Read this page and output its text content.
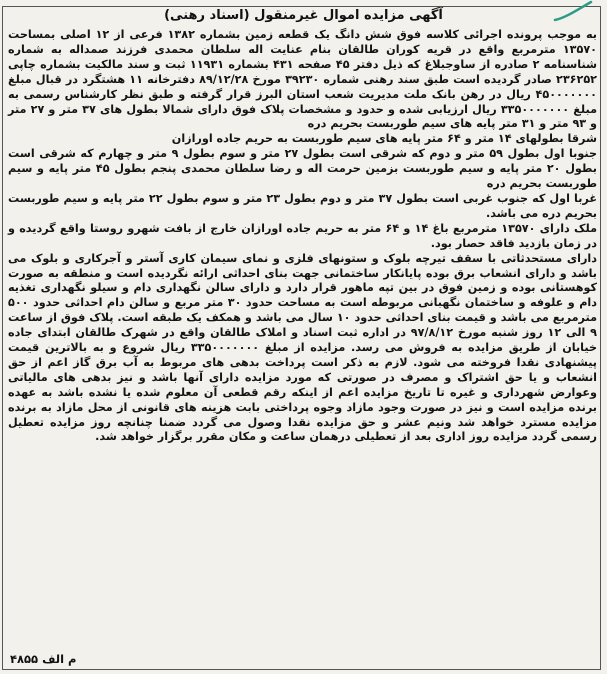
آگهی مزایده اموال غیرمنقول (اسناد رهنی)

به موجب پرونده اجرائی کلاسه فوق شش دانگ یک قطعه زمین بشماره ۱۳۸۲ فرعی از ۱۲ اصلی بمساحت ۱۳۵۷۰ مترمربع واقع در قریه کوران طالقان بنام عنایت اله سلطان محمدی فرزند صمداله به شماره شناسنامه ۲ صادره از ساوجبلاغ که ذیل دفتر ۴۵ صفحه ۴۳۱ بشماره ۱۱۹۳۱ ثبت و سند مالکیت بشماره چاپی ۲۳۶۲۵۲ صادر گردیده است طبق سند رهنی شماره ۳۹۲۳۰ مورخ ۸۹/۱۲/۲۸ دفترخانه ۱۱ هشتگرد در قبال مبلغ ۴۵۰۰۰۰۰۰۰ ریال در رهن بانک ملت مدیریت شعب استان البرز قرار گرفته و طبق نظر کارشناس رسمی به مبلغ ۳۳۵۰۰۰۰۰۰۰ ریال ارزیابی شده و حدود و مشخصات پلاک فوق دارای شمالا بطول های ۳۷ متر و ۲۷ متر و ۹۳ متر و ۳۱ متر پایه های سیم طوربست بحریم دره

شرقا بطولهای ۱۴ متر و ۶۴ متر پایه های سیم طوربست به حریم جاده اورازان

جنوبا اول بطول ۵۹ متر و دوم که شرقی است بطول ۲۷ متر و سوم بطول ۹ متر و چهارم که شرقی است بطول ۲۰ متر پایه و سیم طوربست بزمین حرمت اله و رضا سلطان محمدی پنجم بطول ۴۵ متر پایه و سیم طوربست بحریم دره

غربا اول که جنوب غربی است بطول ۳۷ متر و دوم بطول ۲۳ متر و سوم بطول ۲۲ متر پایه و سیم طوربست بحریم دره می باشد.

ملک دارای ۱۳۵۷۰ مترمربع باغ ۱۴ و ۶۴ متر به حریم جاده اورازان خارج از بافت شهرو روستا واقع گردیده و در زمان بازدید فاقد حصار بود.

دارای مستحدثاتی با سقف تیرچه بلوک و ستونهای فلزی و نمای سیمان کاری آستر و آجرکاری و بلوک می باشد و دارای انشعاب برق بوده پایانکار ساختمانی جهت بنای احداثی ارائه نگردیده است و منطقه به صورت کوهستانی بوده و زمین فوق در بین تپه ماهور قرار دارد و دارای سالن نگهداری دام و سیلو نگهداری تغذیه دام و علوفه و ساختمان نگهبانی مربوطه است به مساحت حدود ۳۰ متر مربع و سالن دام احداثی حدود ۵۰۰ مترمربع می باشد و قیمت بنای احداثی حدود ۱۰ سال می باشد و همکف یک طبقه است. پلاک فوق از ساعت ۹ الی ۱۲ روز شنبه مورخ ۹۷/۸/۱۲ در اداره ثبت اسناد و املاک طالقان واقع در شهرک طالقان ابتدای جاده خیابان از طریق مزایده به فروش می رسد. مزایده از مبلغ ۳۳۵۰۰۰۰۰۰۰ ریال شروع و به بالاترین قیمت پیشنهادی نقدا فروخته می شود. لازم به ذکر است پرداخت بدهی های مربوط به آب برق گاز اعم از حق انشعاب و یا حق اشتراک و مصرف در صورتی که مورد مزایده دارای آنها باشد و نیز بدهی های مالیاتی وعوارض شهرداری و غیره تا تاریخ مزایده اعم از اینکه رقم قطعی آن معلوم شده یا نشده باشد به عهده برنده مزایده است و نیز در صورت وجود مازاد وجوه پرداختی بابت هزینه های قانونی از محل مازاد به برنده مزایده مسترد خواهد شد ونیم عشر و حق مزایده نقدا وصول می گردد ضمنا چنانچه روز مزایده تعطیل رسمی گردد مزایده روز اداری بعد از تعطیلی درهمان ساعت و مکان مقرر برگزار خواهد شد.

م الف ۴۸۵۵
